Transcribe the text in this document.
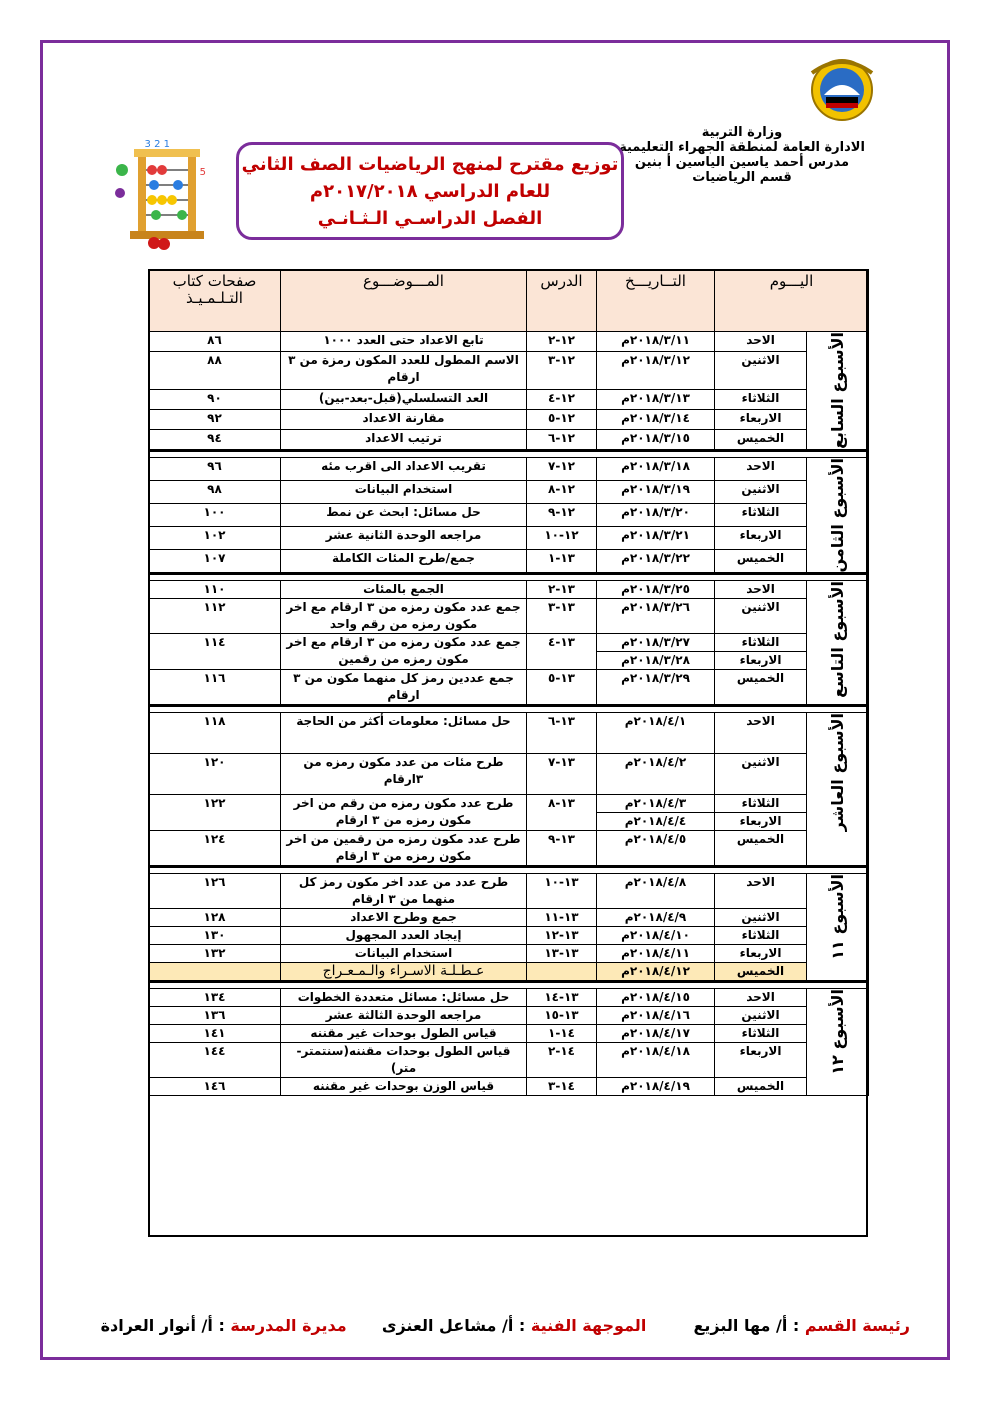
وزارة التربية
الادارة العامة لمنطقة الجهراء التعليمية
مدرس أحمد ياسين الياسين أ بنين
قسم الرياضيات
توزيع مقترح لمنهج الرياضيات الصف الثاني
للعام الدراسي ٢٠١٧/٢٠١٨م
الفصل الدراسـي الـثـانـي
1 2 3
5
اليـــوم		التــاريـــخ	الدرس	المـــوضـــوع	صفحات كتاب التـلـمـيـذ

الأسبوع السابع	الاحد	٢٠١٨/٣/١١م	١٢-٢	تابع الاعداد حتى العدد ١٠٠٠	٨٦
	الاثنين	٢٠١٨/٣/١٢م	١٢-٣	الاسم المطول للعدد المكون رمزة من ٣ ارقام	٨٨
	الثلاثاء	٢٠١٨/٣/١٣م	١٢-٤	العد التسلسلي(قبل-بعد-بين)	٩٠
	الاربعاء	٢٠١٨/٣/١٤م	١٢-٥	مقارنة الاعداد	٩٢
	الخميس	٢٠١٨/٣/١٥م	١٢-٦	ترتيب الاعداد	٩٤

الأسبوع الثامن	الاحد	٢٠١٨/٣/١٨م	١٢-٧	تقريب الاعداد الى اقرب مئه	٩٦
	الاثنين	٢٠١٨/٣/١٩م	١٢-٨	استخدام البيانات	٩٨
	الثلاثاء	٢٠١٨/٣/٢٠م	١٢-٩	حل مسائل: ابحث عن نمط	١٠٠
	الاربعاء	٢٠١٨/٣/٢١م	١٢-١٠	مراجعه الوحدة الثانية عشر	١٠٢
	الخميس	٢٠١٨/٣/٢٢م	١٣-١	جمع/طرح المئات الكاملة	١٠٧

الأسبوع التاسع	الاحد	٢٠١٨/٣/٢٥م	١٣-٢	الجمع بالمئات	١١٠
	الاثنين	٢٠١٨/٣/٢٦م	١٣-٣	جمع عدد مكون رمزه من ٣ ارقام مع اخر مكون رمزه من رقم واحد	١١٢
	الثلاثاء	٢٠١٨/٣/٢٧م	١٣-٤	جمع عدد مكون رمزه من ٣ ارقام مع اخر مكون رمزه من رقمين	١١٤
	الاربعاء	٢٠١٨/٣/٢٨م			
	الخميس	٢٠١٨/٣/٢٩م	١٣-٥	جمع عددين رمز كل منهما مكون من ٣ ارقام	١١٦

الأسبوع العاشر	الاحد	٢٠١٨/٤/١م	١٣-٦	حل مسائل: معلومات أكثر من الحاجة	١١٨
	الاثنين	٢٠١٨/٤/٢م	١٣-٧	طرح مئات من عدد مكون رمزه من ٣ارقام	١٢٠
	الثلاثاء	٢٠١٨/٤/٣م	١٣-٨	طرح عدد مكون رمزه من رقم من اخر مكون رمزه من ٣ ارقام	١٢٢
	الاربعاء	٢٠١٨/٤/٤م			
	الخميس	٢٠١٨/٤/٥م	١٣-٩	طرح عدد مكون رمزه من رقمين من اخر مكون رمزه من ٣ ارقام	١٢٤

الأسبوع ١١	الاحد	٢٠١٨/٤/٨م	١٣-١٠	طرح عدد من عدد اخر مكون رمز كل منهما من ٣ ارقام	١٢٦
	الاثنين	٢٠١٨/٤/٩م	١٣-١١	جمع وطرح الاعداد	١٢٨
	الثلاثاء	٢٠١٨/٤/١٠م	١٣-١٢	إيجاد العدد المجهول	١٣٠
	الاربعاء	٢٠١٨/٤/١١م	١٣-١٣	استخدام البيانات	١٣٢
	الخميس	٢٠١٨/٤/١٢م		عـطـلـة الاسـراء والـمـعـراج	

الأسبوع ١٢	الاحد	٢٠١٨/٤/١٥م	١٣-١٤	حل مسائل: مسائل متعددة الخطوات	١٣٤
	الاثنين	٢٠١٨/٤/١٦م	١٣-١٥	مراجعه الوحدة الثالثة عشر	١٣٦
	الثلاثاء	٢٠١٨/٤/١٧م	١٤-١	قياس الطول بوحدات غير مقننه	١٤١
	الاربعاء	٢٠١٨/٤/١٨م	١٤-٢	قياس الطول بوحدات مقننه(سنتمتر-متر)	١٤٤
	الخميس	٢٠١٨/٤/١٩م	١٤-٣	قياس الوزن بوحدات غير مقننه	١٤٦
رئيسة القسم : أ/ مها البزيع  الموجهة الفنية : أ/ مشاعل العنزى  مديرة المدرسة : أ/ أنوار العرادة
